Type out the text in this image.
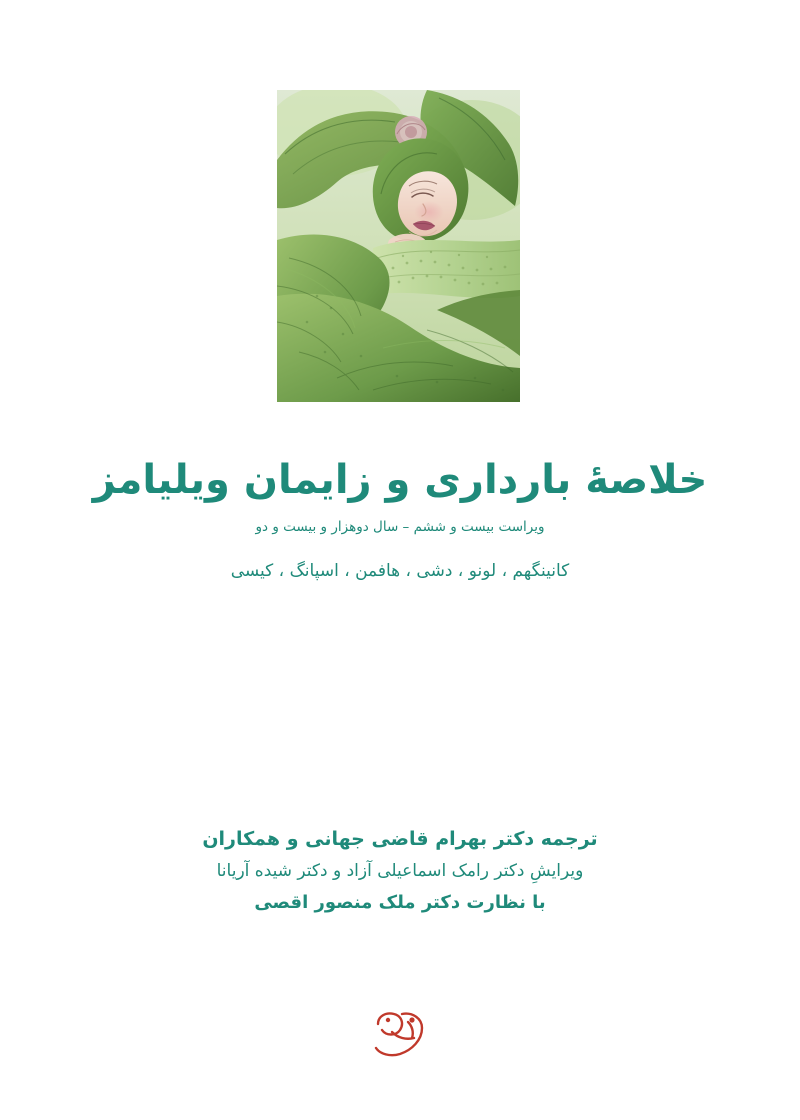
خلاصهٔ بارداری و زایمان ویلیامز
ویراست بیست و ششم – سال دوهزار و بیست و دو
کانینگهم ، لونو ، دشی ، هافمن ، اسپانگ ، کیسی

ترجمه دکتر بهرام قاضی جهانی و همکاران

ویرایشِ دکتر رامک اسماعیلی آزاد و دکتر شیده آریانا

با نظارت دکتر ملک منصور اقصی
